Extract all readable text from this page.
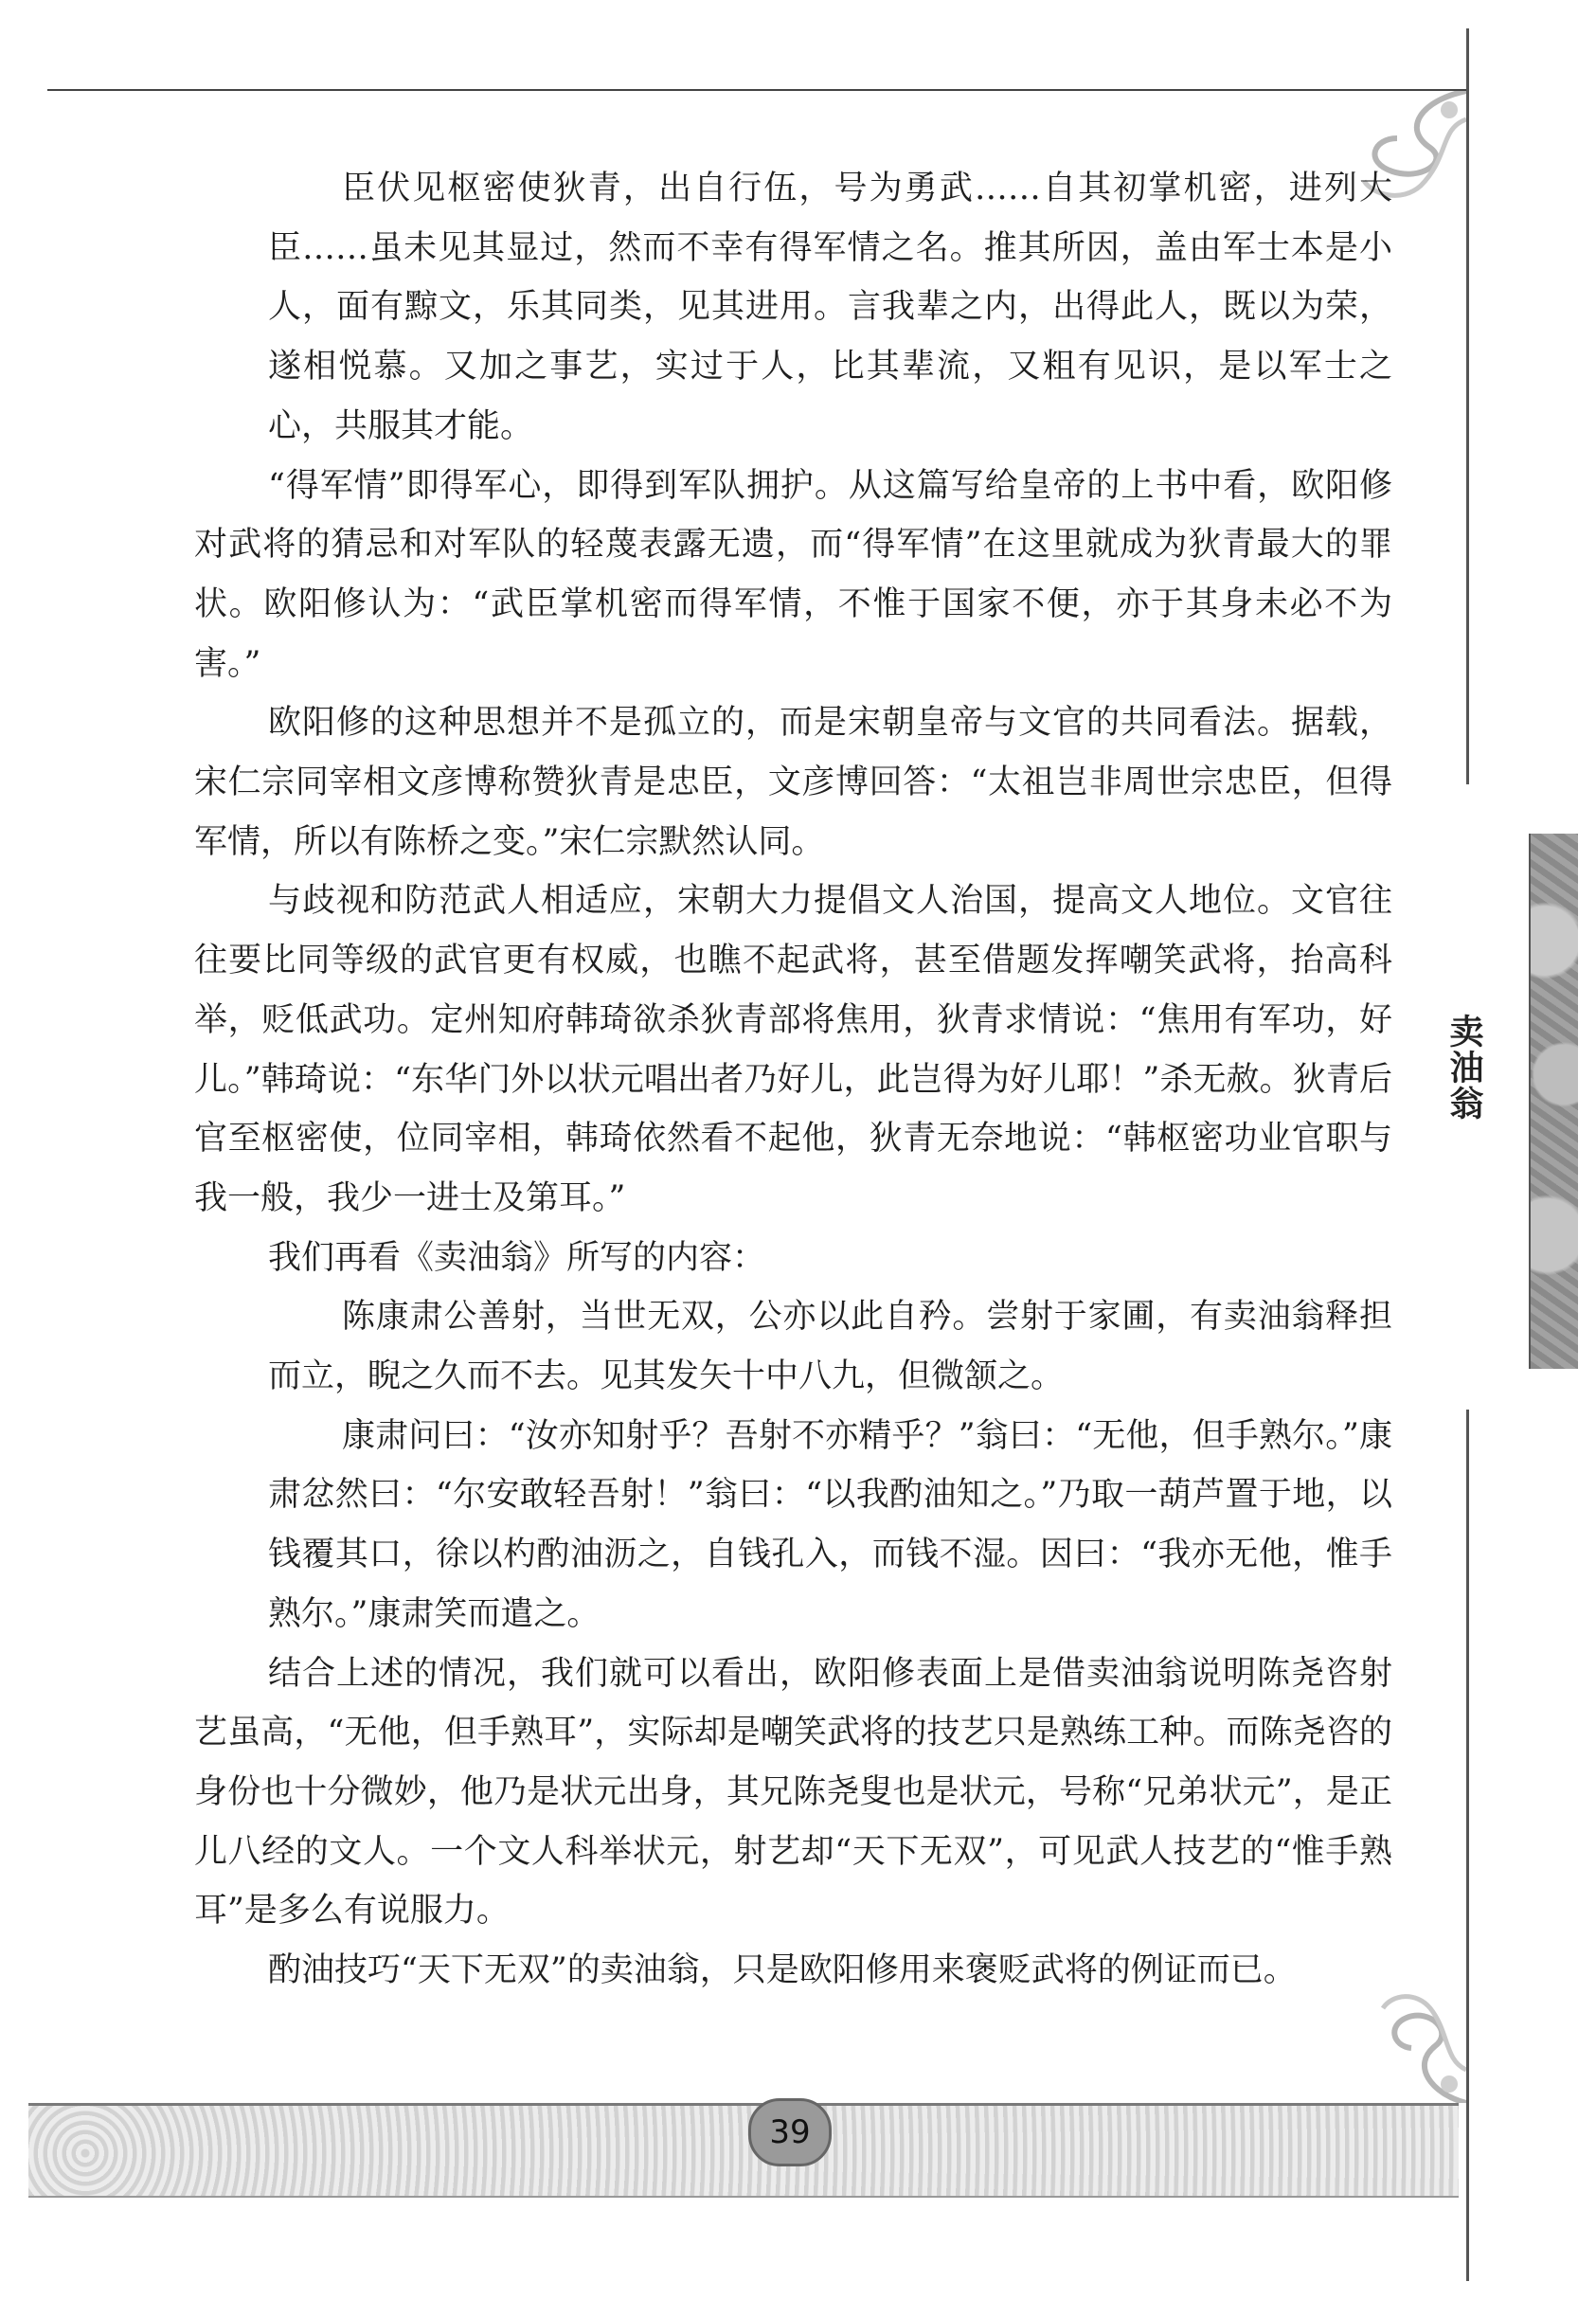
卖油翁

臣伏见枢密使狄青，出自行伍，号为勇武……自其初掌机密，进列大臣……虽未见其显过，然而不幸有得军情之名。推其所因，盖由军士本是小人，面有黥文，乐其同类，见其进用。言我辈之内，出得此人，既以为荣，遂相悦慕。又加之事艺，实过于人，比其辈流，又粗有见识，是以军士之心，共服其才能。

“得军情”即得军心，即得到军队拥护。从这篇写给皇帝的上书中看，欧阳修对武将的猜忌和对军队的轻蔑表露无遗，而“得军情”在这里就成为狄青最大的罪状。欧阳修认为：“武臣掌机密而得军情，不惟于国家不便，亦于其身未必不为害。”

欧阳修的这种思想并不是孤立的，而是宋朝皇帝与文官的共同看法。据载，宋仁宗同宰相文彦博称赞狄青是忠臣，文彦博回答：“太祖岂非周世宗忠臣，但得军情，所以有陈桥之变。”宋仁宗默然认同。

与歧视和防范武人相适应，宋朝大力提倡文人治国，提高文人地位。文官往往要比同等级的武官更有权威，也瞧不起武将，甚至借题发挥嘲笑武将，抬高科举，贬低武功。定州知府韩琦欲杀狄青部将焦用，狄青求情说：“焦用有军功，好儿。”韩琦说：“东华门外以状元唱出者乃好儿，此岂得为好儿耶！”杀无赦。狄青后官至枢密使，位同宰相，韩琦依然看不起他，狄青无奈地说：“韩枢密功业官职与我一般，我少一进士及第耳。”

我们再看《卖油翁》所写的内容：

陈康肃公善射，当世无双，公亦以此自矜。尝射于家圃，有卖油翁释担而立，睨之久而不去。见其发矢十中八九，但微颔之。

康肃问曰：“汝亦知射乎？吾射不亦精乎？”翁曰：“无他，但手熟尔。”康肃忿然曰：“尔安敢轻吾射！”翁曰：“以我酌油知之。”乃取一葫芦置于地，以钱覆其口，徐以杓酌油沥之，自钱孔入，而钱不湿。因曰：“我亦无他，惟手熟尔。”康肃笑而遣之。

结合上述的情况，我们就可以看出，欧阳修表面上是借卖油翁说明陈尧咨射艺虽高，“无他，但手熟耳”，实际却是嘲笑武将的技艺只是熟练工种。而陈尧咨的身份也十分微妙，他乃是状元出身，其兄陈尧叟也是状元，号称“兄弟状元”，是正儿八经的文人。一个文人科举状元，射艺却“天下无双”，可见武人技艺的“惟手熟耳”是多么有说服力。

酌油技巧“天下无双”的卖油翁，只是欧阳修用来褒贬武将的例证而已。

39
